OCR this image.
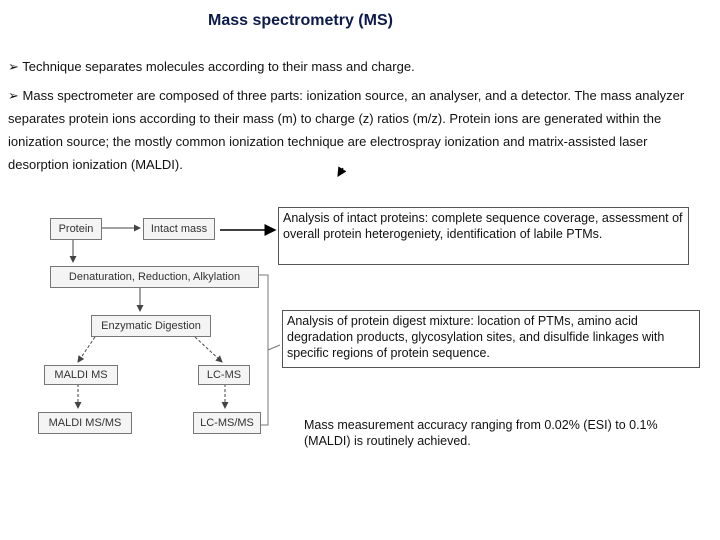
Mass spectrometry (MS)
➢ Technique separates molecules according to their mass and charge.
➢ Mass spectrometer are composed of three parts: ionization source, an analyser, and a detector. The mass analyzer separates protein ions according to their mass (m) to charge (z) ratios (m/z). Protein ions are generated within the ionization source; the mostly common ionization technique are electrospray ionization and matrix-assisted laser desorption ionization (MALDI).
Protein	Intact mass
Denaturation, Reduction, Alkylation
Enzymatic Digestion
MALDI MS	LC-MS
MALDI MS/MS	LC-MS/MS
Analysis of intact proteins: complete sequence coverage, assessment of overall protein heterogeniety, identification of labile PTMs.
Analysis of protein digest mixture: location of PTMs, amino acid degradation products, glycosylation sites, and disulfide linkages with specific regions of protein sequence.
Mass measurement accuracy ranging from 0.02% (ESI) to 0.1% (MALDI) is routinely achieved.
